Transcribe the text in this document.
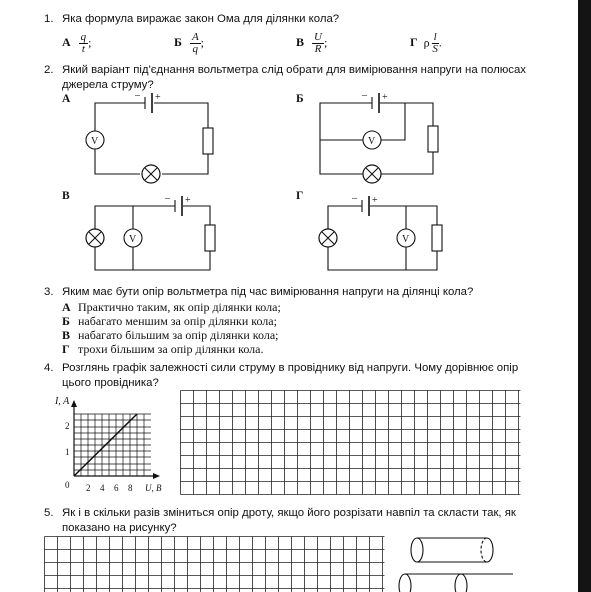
1. Яка формула виражає закон Ома для ділянки кола?
А $\frac{q}{t}$ ;	Б $\frac{A}{q}$ ;	В $\frac{U}{R}$ ;	Г ρ $\frac{l}{S}$ .
2. Який варіант під'єднання вольтметра слід обрати для вимірювання напруги на полюсах джерела струму?
А	Б
В	Г
– +
V
– +
V
– +
V
– +
V
3. Яким має бути опір вольтметра під час вимірювання напруги на ділянці кола?
А Практично таким, як опір ділянки кола;
Б набагато меншим за опір ділянки кола;
В набагато більшим за опір ділянки кола;
Г трохи більшим за опір ділянки кола.
4. Розглянь графік залежності сили струму в провіднику від напруги. Чому дорівнює опір цього провідника?
I, A
2
1
0 2 4 6 8 U, B
5. Як і в скільки разів зміниться опір дроту, якщо його розрізати навпіл та скласти так, як показано на рисунку?
